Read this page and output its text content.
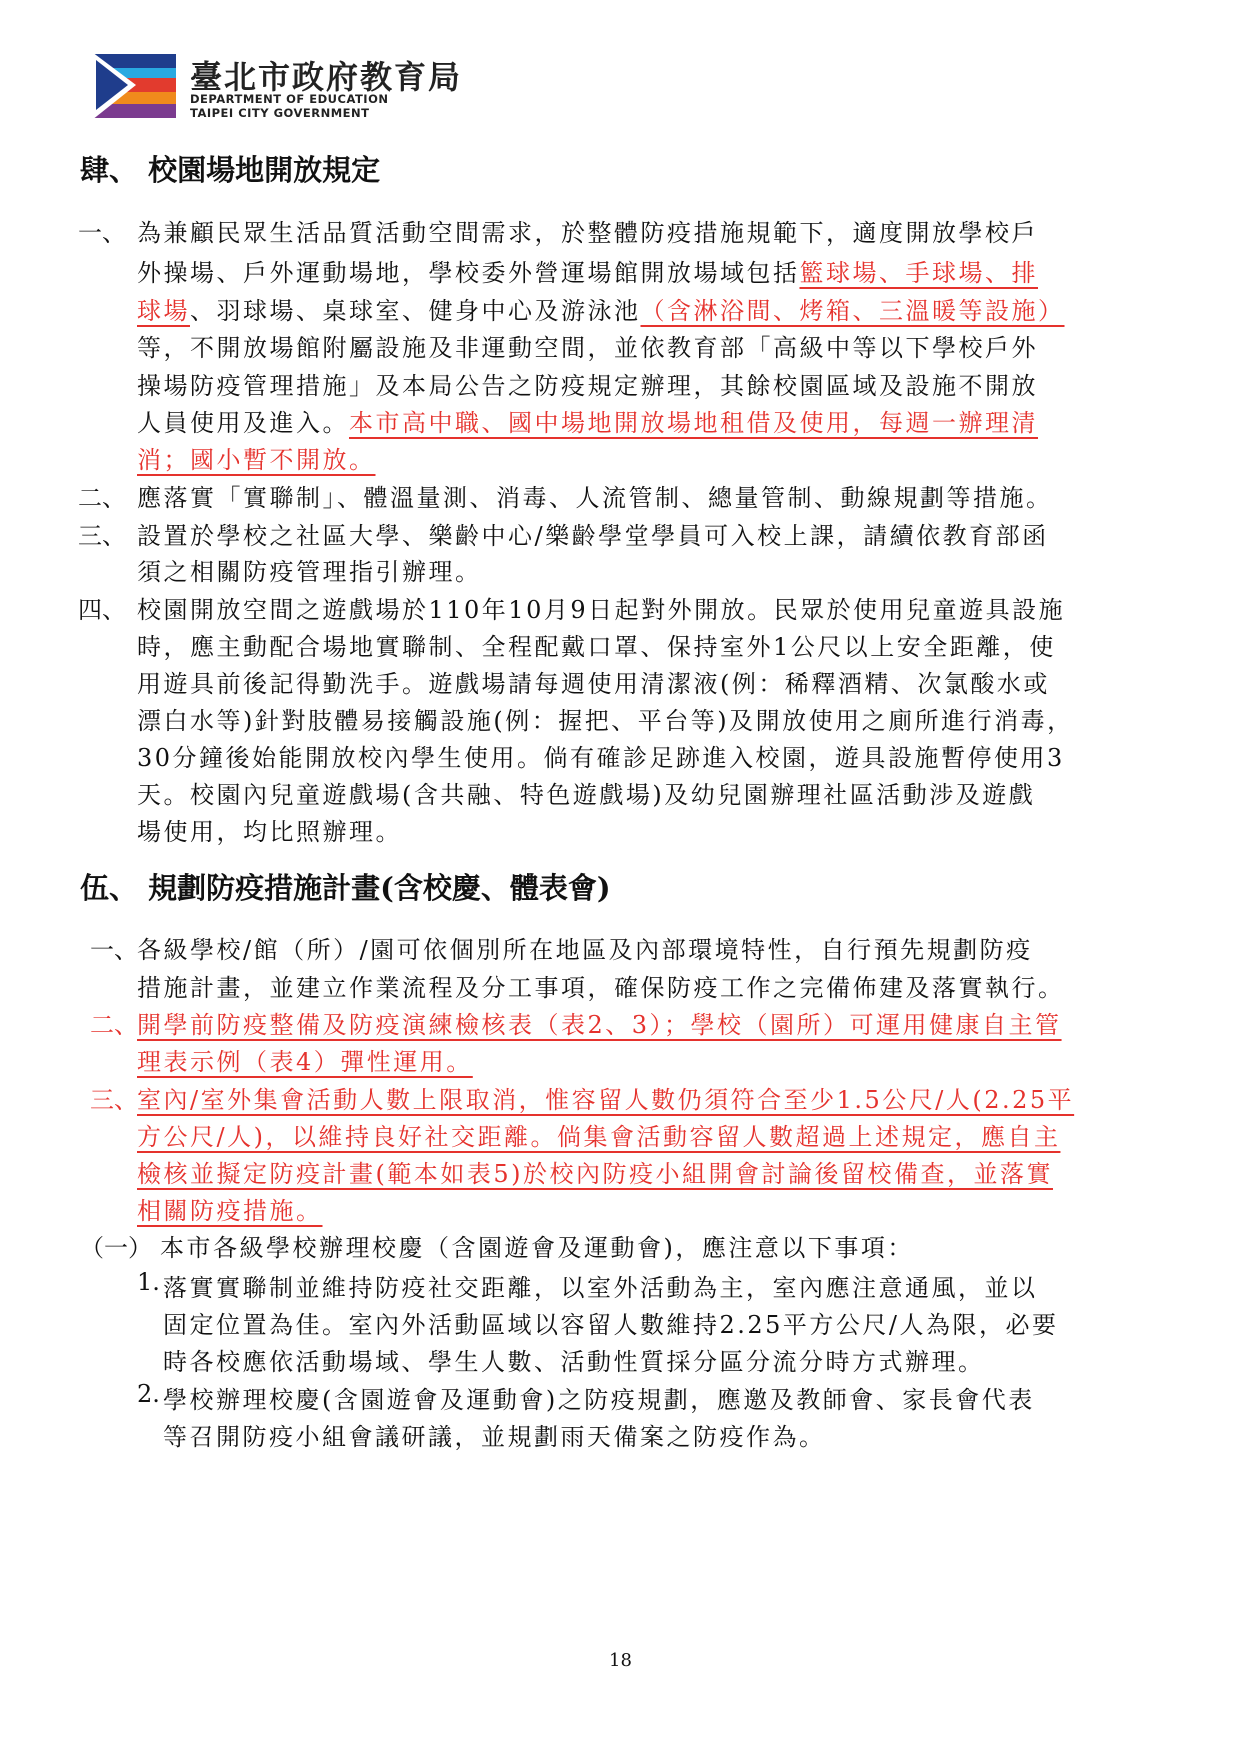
臺北市政府教育局
DEPARTMENT OF EDUCATION
TAIPEI CITY GOVERNMENT
肆、 校園場地開放規定
一、 為兼顧民眾生活品質活動空間需求，於整體防疫措施規範下，適度開放學校戶
外操場、戶外運動場地，學校委外營運場館開放場域包括籃球場、手球場、排
球場、羽球場、桌球室、健身中心及游泳池（含淋浴間、烤箱、三溫暖等設施）
等，不開放場館附屬設施及非運動空間，並依教育部「高級中等以下學校戶外
操場防疫管理措施」及本局公告之防疫規定辦理，其餘校園區域及設施不開放
人員使用及進入。本市高中職、國中場地開放場地租借及使用，每週一辦理清
消；國小暫不開放。
二、 應落實「實聯制」、體溫量測、消毒、人流管制、總量管制、動線規劃等措施。
三、 設置於學校之社區大學、樂齡中心/樂齡學堂學員可入校上課，請續依教育部函
須之相關防疫管理指引辦理。
四、 校園開放空間之遊戲場於110年10月9日起對外開放。民眾於使用兒童遊具設施
時，應主動配合場地實聯制、全程配戴口罩、保持室外1公尺以上安全距離，使
用遊具前後記得勤洗手。遊戲場請每週使用清潔液(例：稀釋酒精、次氯酸水或
漂白水等)針對肢體易接觸設施(例：握把、平台等)及開放使用之廁所進行消毒，
30分鐘後始能開放校內學生使用。倘有確診足跡進入校園，遊具設施暫停使用3
天。校園內兒童遊戲場(含共融、特色遊戲場)及幼兒園辦理社區活動涉及遊戲
場使用，均比照辦理。
伍、 規劃防疫措施計畫(含校慶、體表會)
一、 各級學校/館（所）/園可依個別所在地區及內部環境特性，自行預先規劃防疫
措施計畫，並建立作業流程及分工事項，確保防疫工作之完備佈建及落實執行。
二、 開學前防疫整備及防疫演練檢核表（表2、3）；學校（園所）可運用健康自主管
理表示例（表4）彈性運用。
三、 室內/室外集會活動人數上限取消，惟容留人數仍須符合至少1.5公尺/人(2.25平
方公尺/人)，以維持良好社交距離。倘集會活動容留人數超過上述規定，應自主
檢核並擬定防疫計畫(範本如表5)於校內防疫小組開會討論後留校備查，並落實
相關防疫措施。
（一） 本市各級學校辦理校慶（含園遊會及運動會)，應注意以下事項：
1. 落實實聯制並維持防疫社交距離，以室外活動為主，室內應注意通風，並以
固定位置為佳。室內外活動區域以容留人數維持2.25平方公尺/人為限，必要
時各校應依活動場域、學生人數、活動性質採分區分流分時方式辦理。
2. 學校辦理校慶(含園遊會及運動會)之防疫規劃，應邀及教師會、家長會代表
等召開防疫小組會議研議，並規劃雨天備案之防疫作為。
18
